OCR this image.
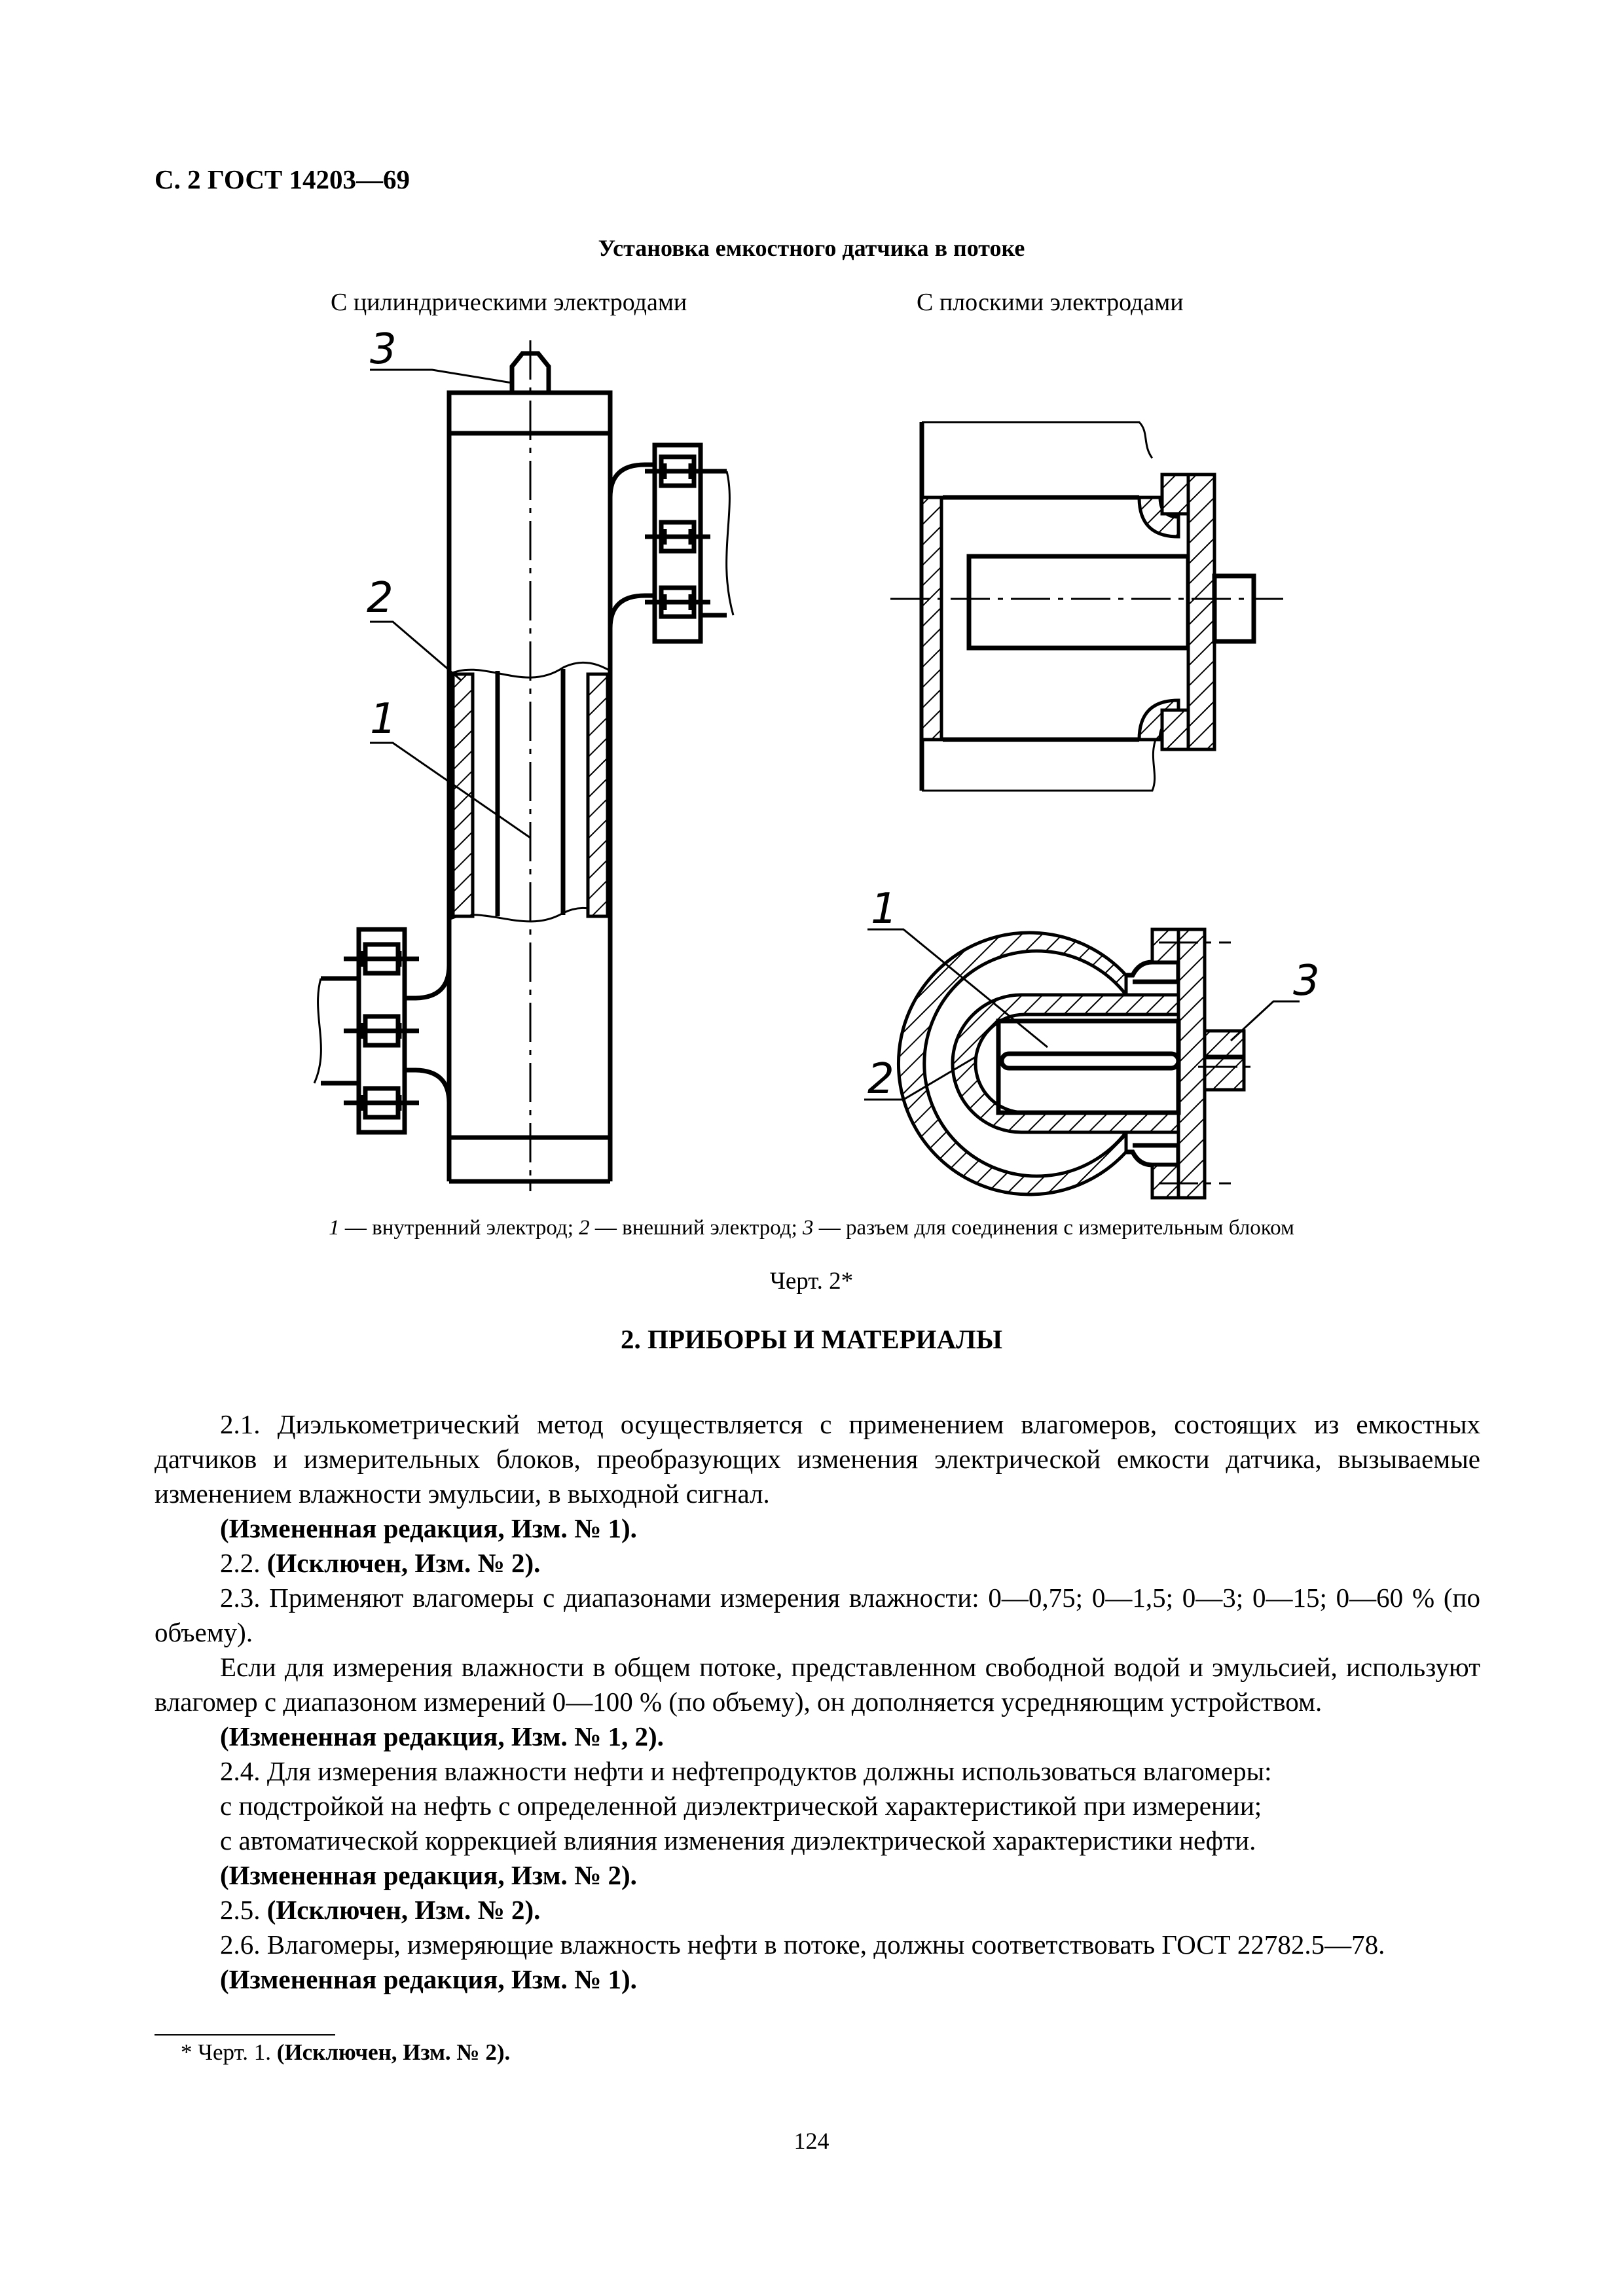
С. 2 ГОСТ 14203—69
Установка емкостного датчика в потоке
С цилиндрическими электродами	С плоскими электродами
3
2
1
1
2
3
1 — внутренний электрод; 2 — внешний электрод; 3 — разъем для соединения с измерительным блоком
Черт. 2*
2. ПРИБОРЫ И МАТЕРИАЛЫ

2.1. Диэлькометрический метод осуществляется с применением влагомеров, состоящих из емкостных датчиков и измерительных блоков, преобразующих изменения электрической емкости датчика, вызываемые изменением влажности эмульсии, в выходной сигнал.

(Измененная редакция, Изм. № 1).

2.2. (Исключен, Изм. № 2).

2.3. Применяют влагомеры с диапазонами измерения влажности: 0—0,75; 0—1,5; 0—3; 0—15; 0—60 % (по объему).

Если для измерения влажности в общем потоке, представленном свободной водой и эмульсией, используют влагомер с диапазоном измерений 0—100 % (по объему), он дополняется усредняющим устройством.

(Измененная редакция, Изм. № 1, 2).

2.4. Для измерения влажности нефти и нефтепродуктов должны использоваться влагомеры:

с подстройкой на нефть с определенной диэлектрической характеристикой при измерении;

с автоматической коррекцией влияния изменения диэлектрической характеристики нефти.

(Измененная редакция, Изм. № 2).

2.5. (Исключен, Изм. № 2).

2.6. Влагомеры, измеряющие влажность нефти в потоке, должны соответствовать ГОСТ 22782.5—78.

(Измененная редакция, Изм. № 1).

* Черт. 1. (Исключен, Изм. № 2).
124
